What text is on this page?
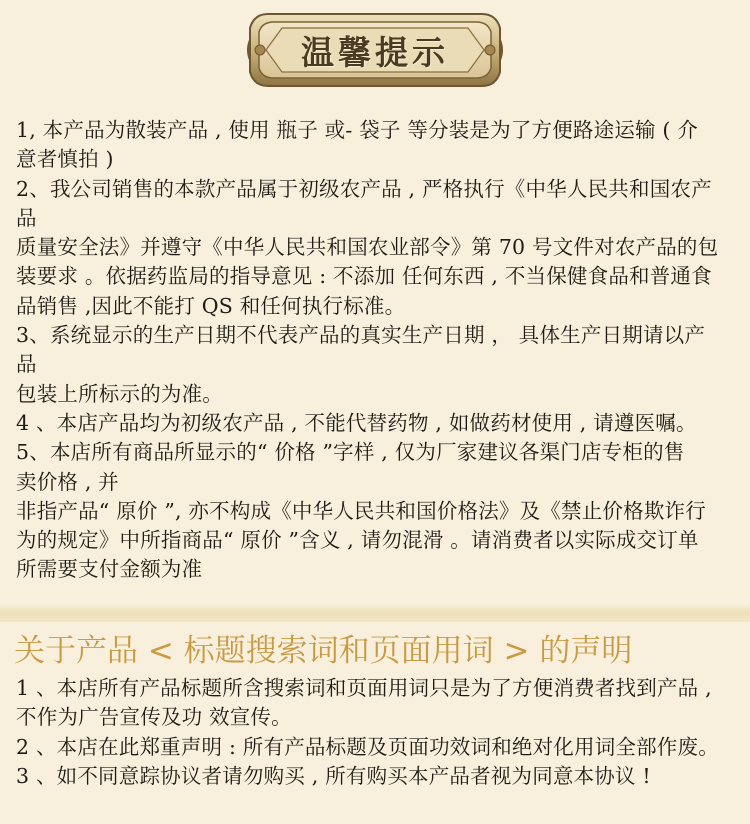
温馨提示

1, 本产品为散装产品 , 使用 瓶子 或- 袋子 等分装是为了方便路途运输 ( 介

意者慎拍 )

2、我公司销售的本款产品属于初级农产品 , 严格执行《中华人民共和国农产

品

质量安全法》并遵守《中华人民共和国农业部令》第 70 号文件对农产品的包

装要求 。依据药监局的指导意见 : 不添加 任何东西 , 不当保健食品和普通食

品销售 ,因此不能打 QS 和任何执行标准。

3、系统显示的生产日期不代表产品的真实生产日期 ， 具体生产日期请以产

品

包装上所标示的为准。

4 、本店产品均为初级农产品 , 不能代替药物 , 如做药材使用 , 请遵医嘱。

5、本店所有商品所显示的“ 价格 ”字样 , 仅为厂家建议各渠门店专柜的售

卖价格 , 并

非指产品“ 原价 ”, 亦不构成《中华人民共和国价格法》及《禁止价格欺诈行

为的规定》中所指商品“ 原价 ”含义 , 请勿混滑 。请消费者以实际成交订单

所需要支付金额为准

关于产品 < 标题搜索词和页面用词 > 的声明

1 、本店所有产品标题所含搜索词和页面用词只是为了方便消费者找到产品 ,

不作为广告宣传及功 效宣传。

2 、本店在此郑重声明 : 所有产品标题及页面功效词和绝对化用词全部作废。

3 、如不同意踪协议者请勿购买 , 所有购买本产品者视为同意本协议 !
